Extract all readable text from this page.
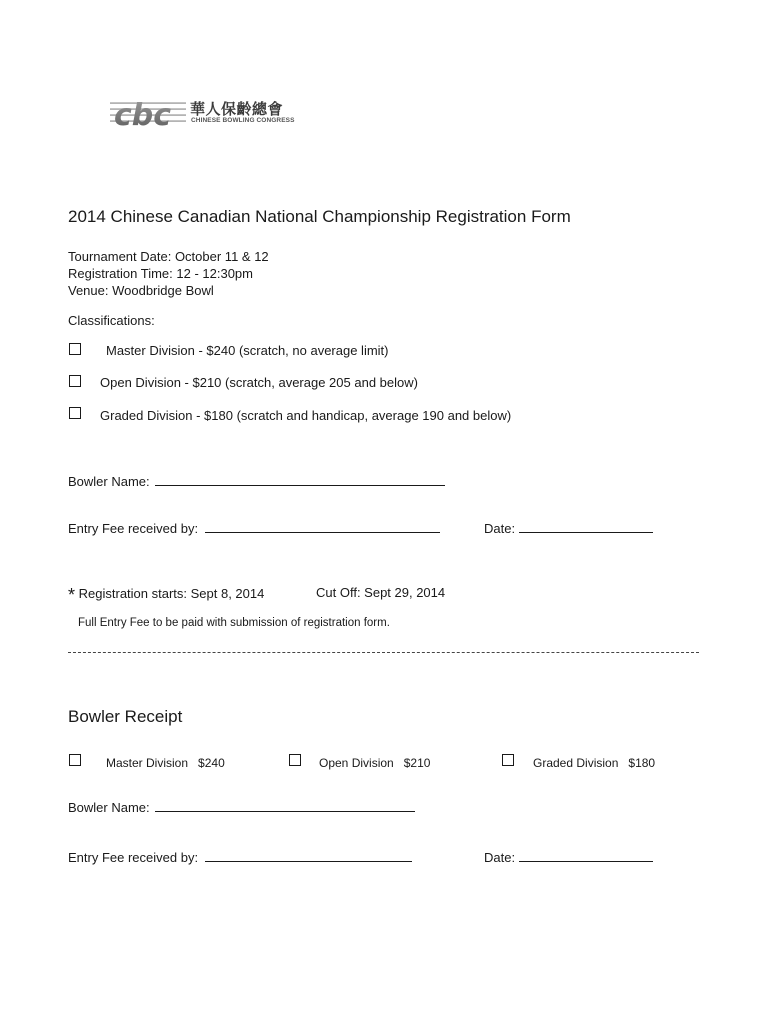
cbc 華人保齡總會
CHINESE BOWLING CONGRESS
2014 Chinese Canadian National Championship Registration Form
Tournament Date: October 11 & 12
Registration Time: 12 - 12:30pm
Venue: Woodbridge Bowl
Classifications:
Master Division - $240 (scratch, no average limit)
Open Division - $210 (scratch, average 205 and below)
Graded Division - $180 (scratch and handicap, average 190 and below)
Bowler Name:
Entry Fee received by:	Date:
* Registration starts: Sept 8, 2014	Cut Off: Sept 29, 2014
Full Entry Fee to be paid with submission of registration form.
Bowler Receipt
Master Division $240	Open Division $210	Graded Division $180
Bowler Name:
Entry Fee received by:	Date:
